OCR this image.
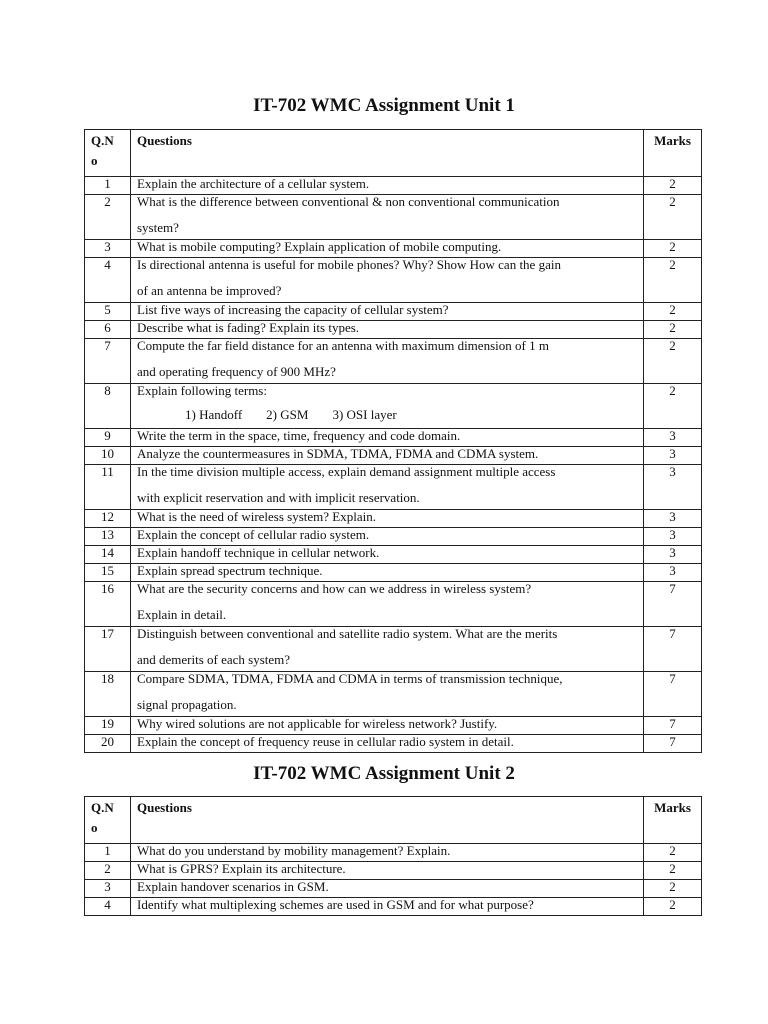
IT-702 WMC Assignment Unit 1
Q.N
o	Questions	Marks
1	Explain the architecture of a cellular system.	2
2	What is the difference between conventional & non conventional communication
system?	2
3	What is mobile computing? Explain application of mobile computing.	2
4	Is directional antenna is useful for mobile phones? Why? Show How can the gain
of an antenna be improved?	2
5	List five ways of increasing the capacity of cellular system?	2
6	Describe what is fading? Explain its types.	2
7	Compute the far field distance for an antenna with maximum dimension of 1 m
and operating frequency of 900 MHz?	2
8	Explain following terms:
1) Handoff 2) GSM 3) OSI layer	2
9	Write the term in the space, time, frequency and code domain.	3
10	Analyze the countermeasures in SDMA, TDMA, FDMA and CDMA system.	3
11	In the time division multiple access, explain demand assignment multiple access
with explicit reservation and with implicit reservation.	3
12	What is the need of wireless system? Explain.	3
13	Explain the concept of cellular radio system.	3
14	Explain handoff technique in cellular network.	3
15	Explain spread spectrum technique.	3
16	What are the security concerns and how can we address in wireless system?
Explain in detail.	7
17	Distinguish between conventional and satellite radio system. What are the merits
and demerits of each system?	7
18	Compare SDMA, TDMA, FDMA and CDMA in terms of transmission technique,
signal propagation.	7
19	Why wired solutions are not applicable for wireless network? Justify.	7
20	Explain the concept of frequency reuse in cellular radio system in detail.	7
IT-702 WMC Assignment Unit 2
Q.N
o	Questions	Marks
1	What do you understand by mobility management? Explain.	2
2	What is GPRS? Explain its architecture.	2
3	Explain handover scenarios in GSM.	2
4	Identify what multiplexing schemes are used in GSM and for what purpose?	2
